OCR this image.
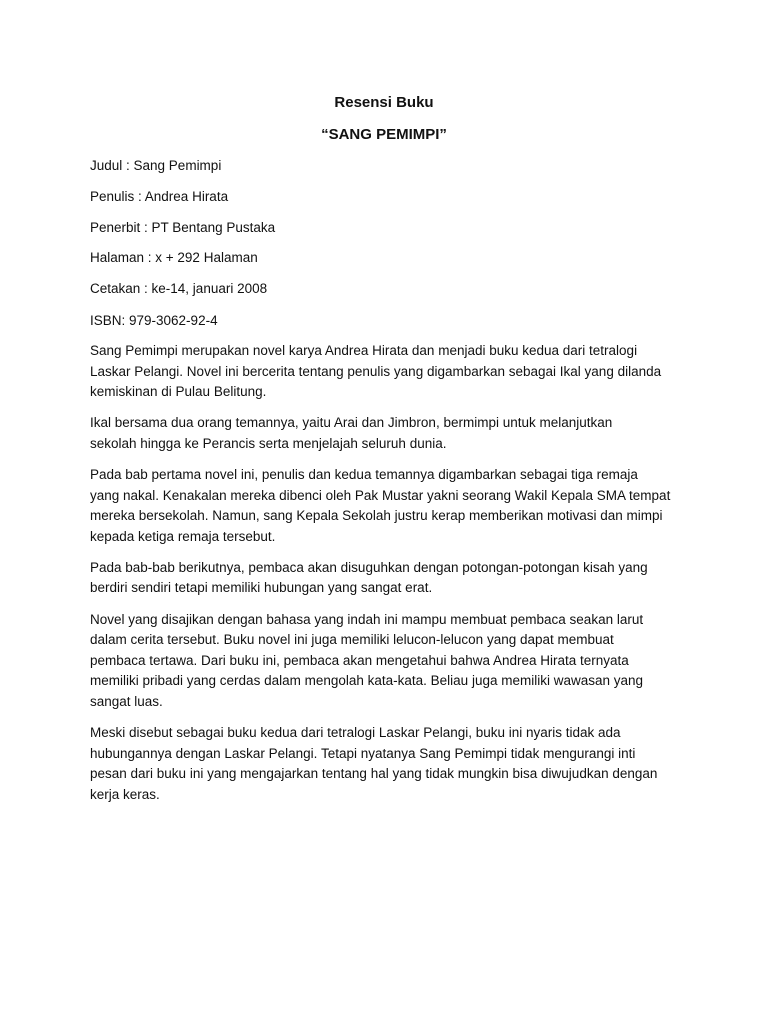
Resensi Buku
“SANG PEMIMPI”
Judul : Sang Pemimpi
Penulis : Andrea Hirata
Penerbit : PT Bentang Pustaka
Halaman : x + 292 Halaman
Cetakan : ke-14, januari 2008
ISBN: 979-3062-92-4

Sang Pemimpi merupakan novel karya Andrea Hirata dan menjadi buku kedua dari tetralogi
Laskar Pelangi. Novel ini bercerita tentang penulis yang digambarkan sebagai Ikal yang dilanda
kemiskinan di Pulau Belitung.

Ikal bersama dua orang temannya, yaitu Arai dan Jimbron, bermimpi untuk melanjutkan
sekolah hingga ke Perancis serta menjelajah seluruh dunia.

Pada bab pertama novel ini, penulis dan kedua temannya digambarkan sebagai tiga remaja
yang nakal. Kenakalan mereka dibenci oleh Pak Mustar yakni seorang Wakil Kepala SMA tempat
mereka bersekolah. Namun, sang Kepala Sekolah justru kerap memberikan motivasi dan mimpi
kepada ketiga remaja tersebut.

Pada bab-bab berikutnya, pembaca akan disuguhkan dengan potongan-potongan kisah yang
berdiri sendiri tetapi memiliki hubungan yang sangat erat.

Novel yang disajikan dengan bahasa yang indah ini mampu membuat pembaca seakan larut
dalam cerita tersebut. Buku novel ini juga memiliki lelucon-lelucon yang dapat membuat
pembaca tertawa. Dari buku ini, pembaca akan mengetahui bahwa Andrea Hirata ternyata
memiliki pribadi yang cerdas dalam mengolah kata-kata. Beliau juga memiliki wawasan yang
sangat luas.

Meski disebut sebagai buku kedua dari tetralogi Laskar Pelangi, buku ini nyaris tidak ada
hubungannya dengan Laskar Pelangi. Tetapi nyatanya Sang Pemimpi tidak mengurangi inti
pesan dari buku ini yang mengajarkan tentang hal yang tidak mungkin bisa diwujudkan dengan
kerja keras.
